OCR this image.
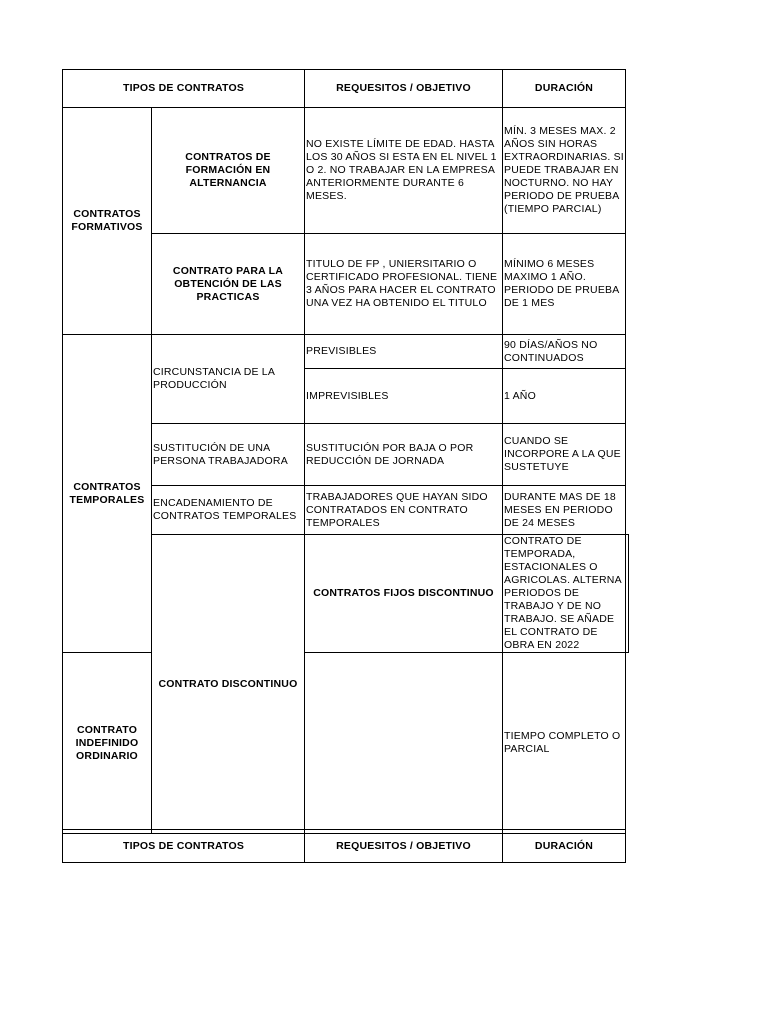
TIPOS DE CONTRATOS		REQUESITOS / OBJETIVO	DURACIÓN	
CONTRATOS FORMATIVOS	CONTRATOS DE FORMACIÓN EN ALTERNANCIA	NO EXISTE LÍMITE DE EDAD. HASTA LOS 30 AÑOS SI ESTA EN EL NIVEL 1 O 2. NO TRABAJAR EN LA EMPRESA ANTERIORMENTE DURANTE 6 MESES.	MÍN. 3 MESES MAX. 2 AÑOS SIN HORAS EXTRAORDINARIAS. SI PUEDE TRABAJAR EN NOCTURNO. NO HAY PERIODO DE PRUEBA (TIEMPO PARCIAL)	
	CONTRATO PARA LA OBTENCIÓN DE LAS PRACTICAS	TITULO DE FP , UNIERSITARIO O CERTIFICADO PROFESIONAL. TIENE 3 AÑOS PARA HACER EL CONTRATO UNA VEZ HA OBTENIDO EL TITULO	MÍNIMO 6 MESES MAXIMO 1 AÑO. PERIODO DE PRUEBA DE 1 MES	
CONTRATOS TEMPORALES	CIRCUNSTANCIA DE LA PRODUCCIÓN	PREVISIBLES	90 DÍAS/AÑOS NO CONTINUADOS	
		IMPREVISIBLES	1 AÑO	
	SUSTITUCIÓN DE UNA PERSONA TRABAJADORA	SUSTITUCIÓN POR BAJA O POR REDUCCIÓN DE JORNADA	CUANDO SE INCORPORE A LA QUE SUSTETUYE	
	ENCADENAMIENTO DE CONTRATOS TEMPORALES	TRABAJADORES QUE HAYAN SIDO CONTRATADOS EN CONTRATO TEMPORALES	DURANTE MAS DE 18 MESES EN PERIODO DE 24 MESES	
	CONTRATO DISCONTINUO	CONTRATOS FIJOS DISCONTINUO	CONTRATO DE TEMPORADA, ESTACIONALES O AGRICOLAS. ALTERNA PERIODOS DE TRABAJO Y DE NO TRABAJO. SE AÑADE EL CONTRATO DE OBRA EN 2022	
CONTRATO INDEFINIDO ORDINARIO			TIEMPO COMPLETO O PARCIAL	
TIPOS DE CONTRATOS	REQUESITOS / OBJETIVO	DURACIÓN
